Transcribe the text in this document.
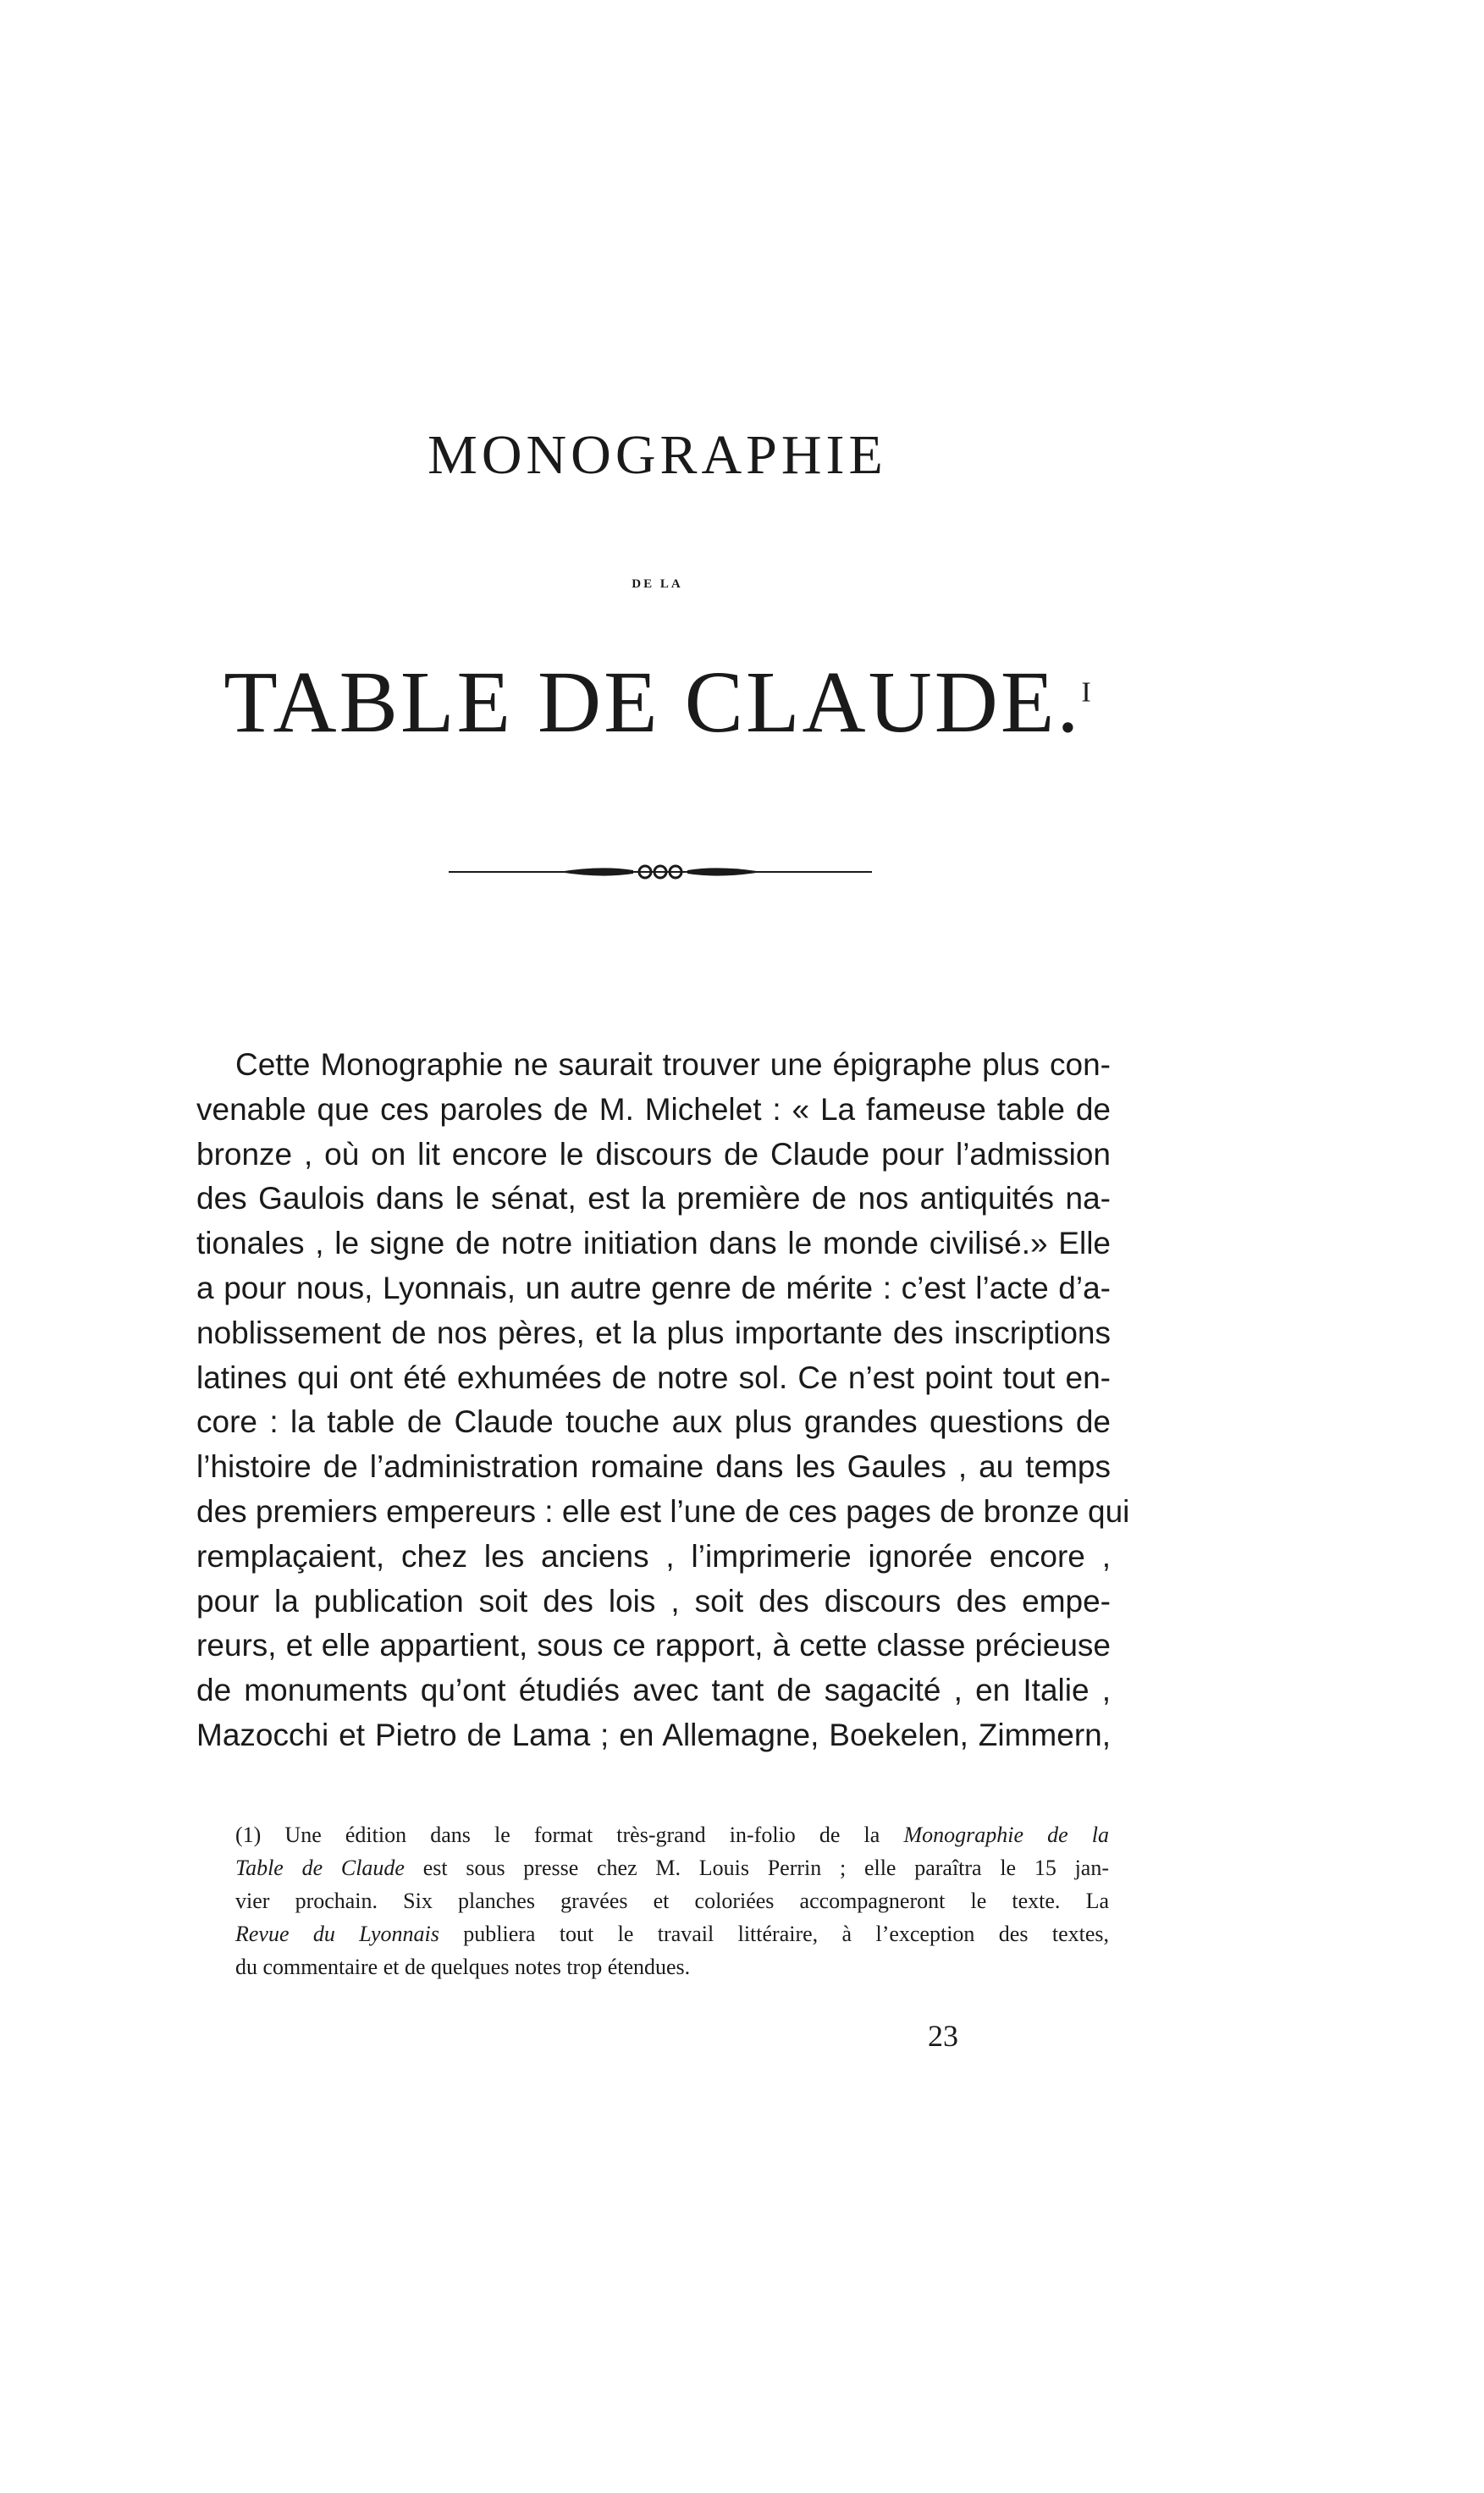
MONOGRAPHIE
DE LA
TABLE DE CLAUDE.$^I$
Cette Monographie ne saurait trouver une épigraphe plus con-
venable que ces paroles de M. Michelet : « La fameuse table de
bronze , où on lit encore le discours de Claude pour l’admission
des Gaulois dans le sénat, est la première de nos antiquités na-
tionales , le signe de notre initiation dans le monde civilisé.» Elle
a pour nous, Lyonnais, un autre genre de mérite : c’est l’acte d’a-
noblissement de nos pères, et la plus importante des inscriptions
latines qui ont été exhumées de notre sol. Ce n’est point tout en-
core : la table de Claude touche aux plus grandes questions de
l’histoire de l’administration romaine dans les Gaules , au temps
des premiers empereurs : elle est l’une de ces pages de bronze qui
remplaçaient, chez les anciens , l’imprimerie ignorée encore ,
pour la publication soit des lois , soit des discours des empe-
reurs, et elle appartient, sous ce rapport, à cette classe précieuse
de monuments qu’ont étudiés avec tant de sagacité , en Italie ,
Mazocchi et Pietro de Lama ; en Allemagne, Boekelen, Zimmern,
(1) Une édition dans le format très-grand in-folio de la Monographie de la
Table de Claude est sous presse chez M. Louis Perrin ; elle paraîtra le 15 jan-
vier prochain. Six planches gravées et coloriées accompagneront le texte. La
Revue du Lyonnais publiera tout le travail littéraire, à l’exception des textes,
du commentaire et de quelques notes trop étendues.
23
